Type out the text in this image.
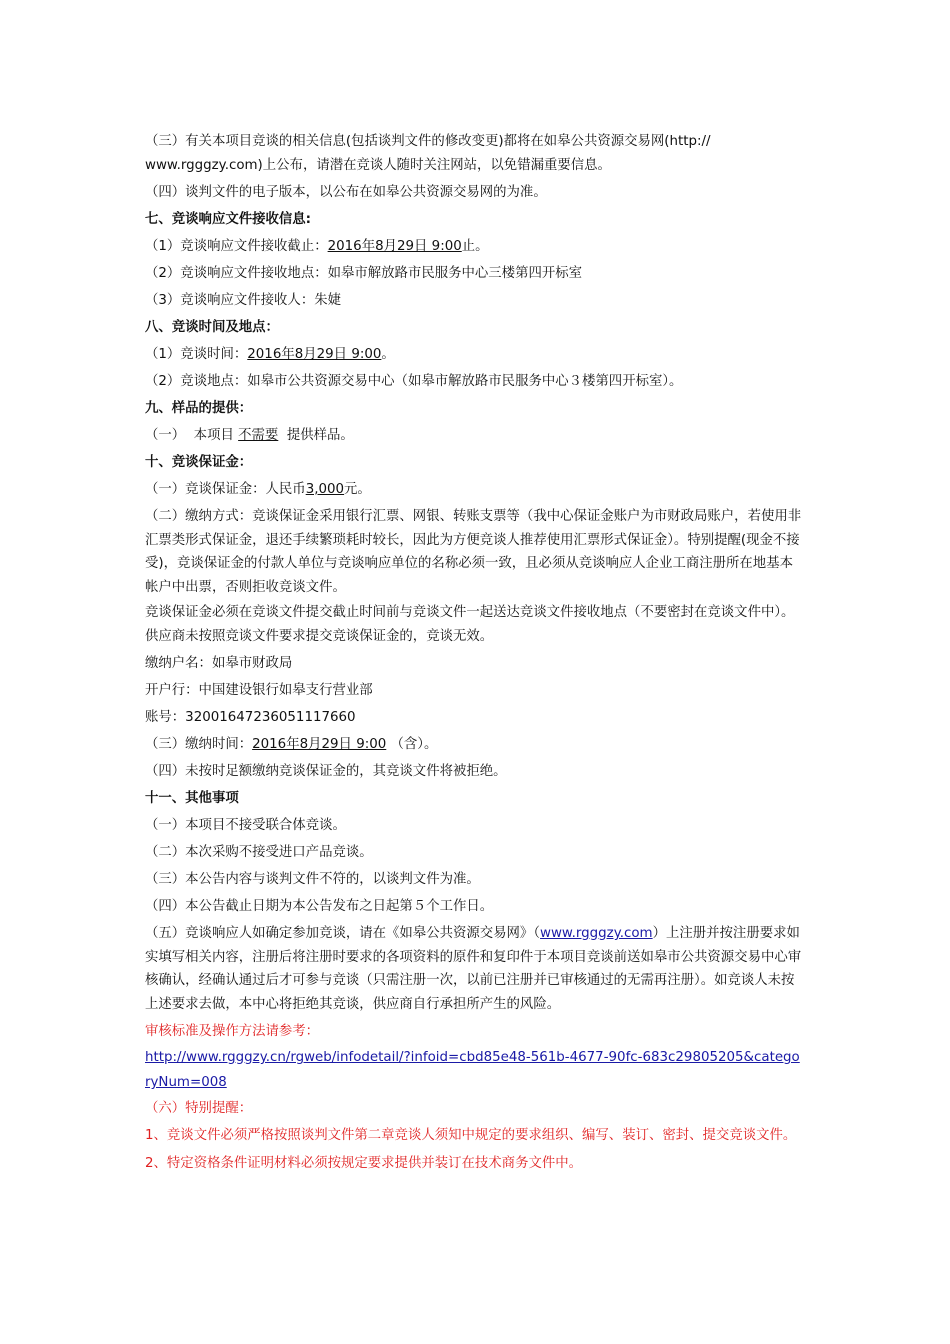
（三）有关本项目竞谈的相关信息(包括谈判文件的修改变更)都将在如皋公共资源交易网(http://
www.rgggzy.com)上公布，请潜在竞谈人随时关注网站，以免错漏重要信息。

（四）谈判文件的电子版本，以公布在如皋公共资源交易网的为准。

七、竞谈响应文件接收信息:

（1）竞谈响应文件接收截止：2016年8月29日 9:00止。

（2）竞谈响应文件接收地点：如皋市解放路市民服务中心三楼第四开标室

（3）竞谈响应文件接收人：朱婕

八、竞谈时间及地点：

（1）竞谈时间：2016年8月29日 9:00。

（2）竞谈地点：如皋市公共资源交易中心（如皋市解放路市民服务中心３楼第四开标室）。

九、样品的提供：

（一）  本项目 不需要 提供样品。

十、竞谈保证金：

（一）竞谈保证金：人民币3,000元。

（二）缴纳方式：竞谈保证金采用银行汇票、网银、转账支票等（我中心保证金账户为市财政局账户，若使用非汇票类形式保证金，退还手续繁琐耗时较长，因此为方便竞谈人推荐使用汇票形式保证金）。特别提醒(现金不接受)，竞谈保证金的付款人单位与竞谈响应单位的名称必须一致，且必须从竞谈响应人企业工商注册所在地基本帐户中出票，否则拒收竞谈文件。

竞谈保证金必须在竞谈文件提交截止时间前与竞谈文件一起送达竞谈文件接收地点（不要密封在竞谈文件中）。供应商未按照竞谈文件要求提交竞谈保证金的，竞谈无效。

缴纳户名：如皋市财政局

开户行：中国建设银行如皋支行营业部

账号：32001647236051117660

（三）缴纳时间：2016年8月29日 9:00 （含）。

（四）未按时足额缴纳竞谈保证金的，其竞谈文件将被拒绝。

十一、其他事项

（一）本项目不接受联合体竞谈。

（二）本次采购不接受进口产品竞谈。

（三）本公告内容与谈判文件不符的，以谈判文件为准。

（四）本公告截止日期为本公告发布之日起第５个工作日。

（五）竞谈响应人如确定参加竞谈，请在《如皋公共资源交易网》（www.rgggzy.com）上注册并按注册要求如实填写相关内容，注册后将注册时要求的各项资料的原件和复印件于本项目竞谈前送如皋市公共资源交易中心审核确认，经确认通过后才可参与竞谈（只需注册一次，以前已注册并已审核通过的无需再注册）。如竞谈人未按上述要求去做，本中心将拒绝其竞谈，供应商自行承担所产生的风险。

审核标准及操作方法请参考：

http://www.rgggzy.cn/rgweb/infodetail/?infoid=cbd85e48-561b-4677-90fc-683c29805205&categoryNum=008

（六）特别提醒：

1、竞谈文件必须严格按照谈判文件第二章竞谈人须知中规定的要求组织、编写、装订、密封、提交竞谈文件。

2、特定资格条件证明材料必须按规定要求提供并装订在技术商务文件中。
